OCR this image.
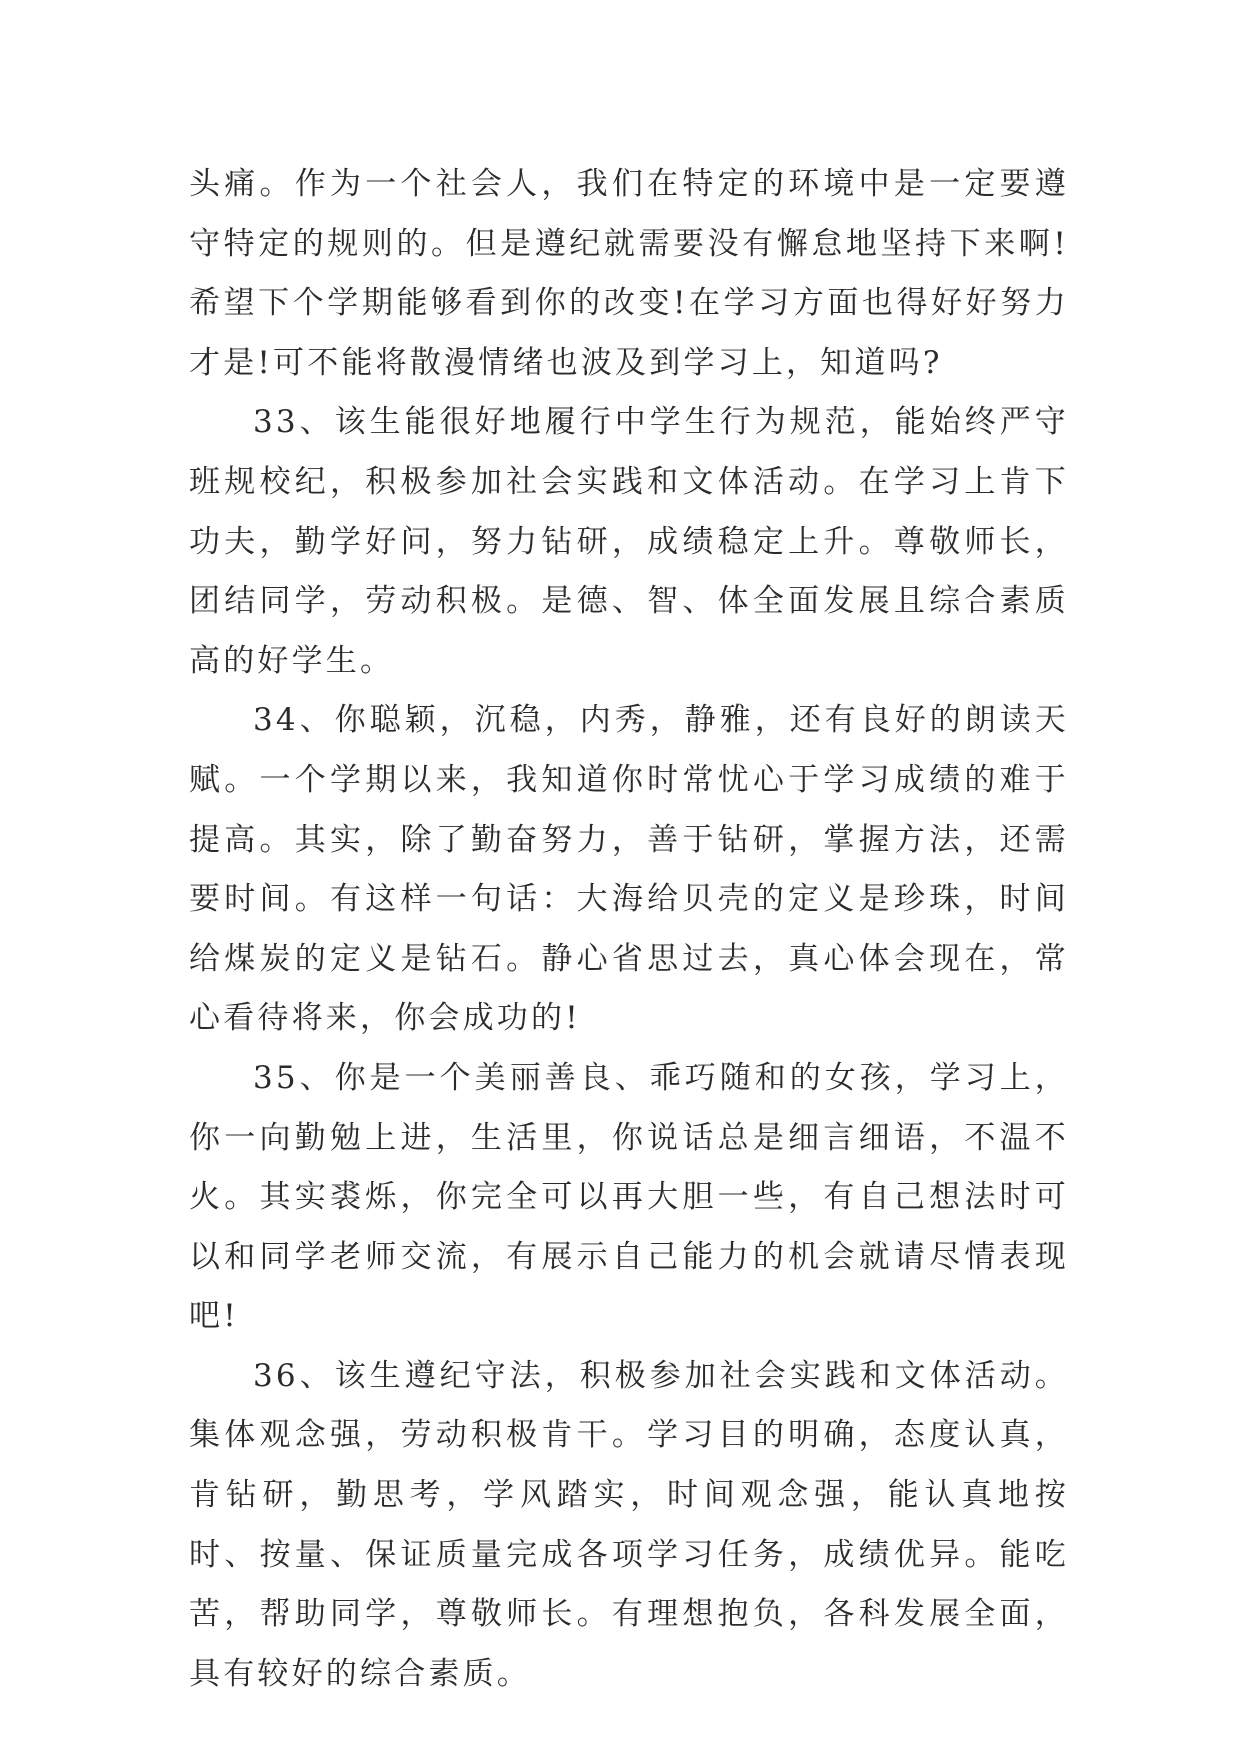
头痛。作为一个社会人，我们在特定的环境中是一定要遵守特定的规则的。但是遵纪就需要没有懈怠地坚持下来啊!希望下个学期能够看到你的改变!在学习方面也得好好努力才是!可不能将散漫情绪也波及到学习上，知道吗?

33、该生能很好地履行中学生行为规范，能始终严守班规校纪，积极参加社会实践和文体活动。在学习上肯下功夫，勤学好问，努力钻研，成绩稳定上升。尊敬师长，团结同学，劳动积极。是德、智、体全面发展且综合素质高的好学生。

34、你聪颖，沉稳，内秀，静雅，还有良好的朗读天赋。一个学期以来，我知道你时常忧心于学习成绩的难于提高。其实，除了勤奋努力，善于钻研，掌握方法，还需要时间。有这样一句话：大海给贝壳的定义是珍珠，时间给煤炭的定义是钻石。静心省思过去，真心体会现在，常心看待将来，你会成功的!

35、你是一个美丽善良、乖巧随和的女孩，学习上，你一向勤勉上进，生活里，你说话总是细言细语，不温不火。其实裘烁，你完全可以再大胆一些，有自己想法时可以和同学老师交流，有展示自己能力的机会就请尽情表现吧!

36、该生遵纪守法，积极参加社会实践和文体活动。集体观念强，劳动积极肯干。学习目的明确，态度认真，肯钻研，勤思考，学风踏实，时间观念强，能认真地按时、按量、保证质量完成各项学习任务，成绩优异。能吃苦，帮助同学，尊敬师长。有理想抱负，各科发展全面，具有较好的综合素质。
